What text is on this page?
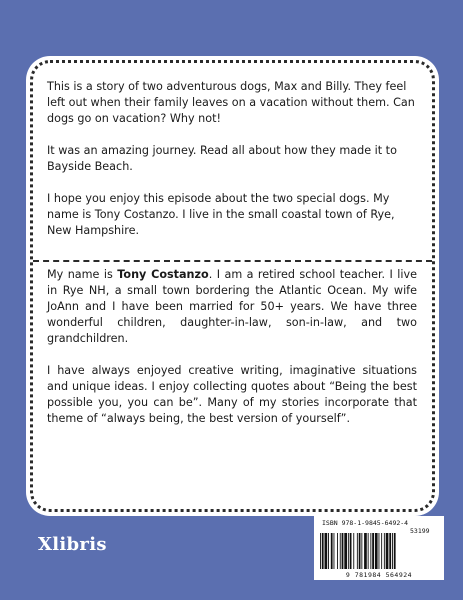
This is a story of two adventurous dogs, Max and Billy. They feel left out when their family leaves on a vacation without them. Can dogs go on vacation? Why not!

It was an amazing journey. Read all about how they made it to Bayside Beach.

I hope you enjoy this episode about the two special dogs. My name is Tony Costanzo. I live in the small coastal town of Rye, New Hampshire.

My name is Tony Costanzo. I am a retired school teacher. I live in Rye NH, a small town bordering the Atlantic Ocean. My wife JoAnn and I have been married for 50+ years. We have three wonderful children, daughter-in-law, son-in-law, and two grandchildren.

I have always enjoyed creative writing, imaginative situations and unique ideas. I enjoy collecting quotes about “Being the best possible you, you can be”. Many of my stories incorporate that theme of “always being, the best version of yourself”.

Xlibris
ISBN 978-1-9845-6492-4
53199
9 781984 564924
